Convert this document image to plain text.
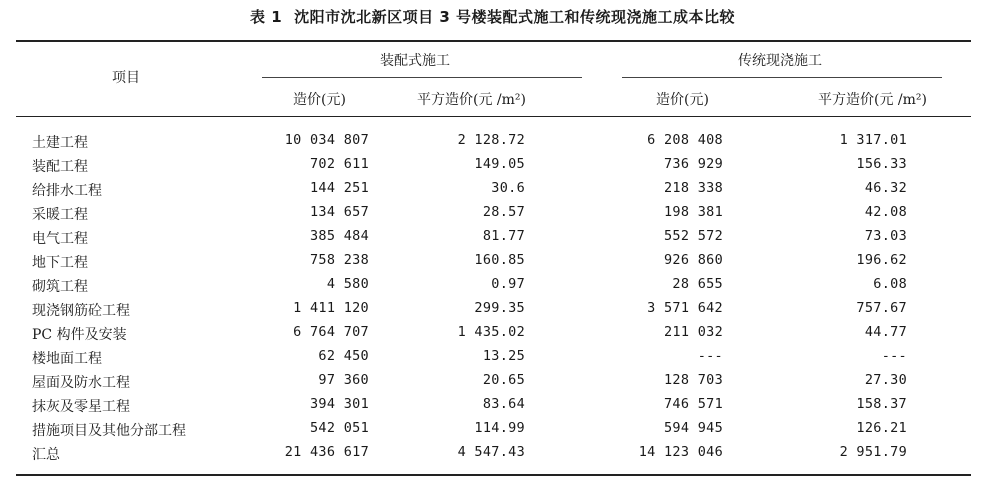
表 1 沈阳市沈北新区项目 3 号楼装配式施工和传统现浇施工成本比较
项目
装配式施工	传统现浇施工
造价(元)	平方造价(元 /m²)	造价(元)	平方造价(元 /m²)
土建工程	10 034 807	2 128.72	6 208 408	1 317.01
装配工程	702 611	149.05	736 929	156.33
给排水工程	144 251	30.6	218 338	46.32
采暖工程	134 657	28.57	198 381	42.08
电气工程	385 484	81.77	552 572	73.03
地下工程	758 238	160.85	926 860	196.62
砌筑工程	4 580	0.97	28 655	6.08
现浇钢筋砼工程	1 411 120	299.35	3 571 642	757.67
PC 构件及安装	6 764 707	1 435.02	211 032	44.77
楼地面工程	62 450	13.25	---	---
屋面及防水工程	97 360	20.65	128 703	27.30
抹灰及零星工程	394 301	83.64	746 571	158.37
措施项目及其他分部工程	542 051	114.99	594 945	126.21
汇总	21 436 617	4 547.43	14 123 046	2 951.79
